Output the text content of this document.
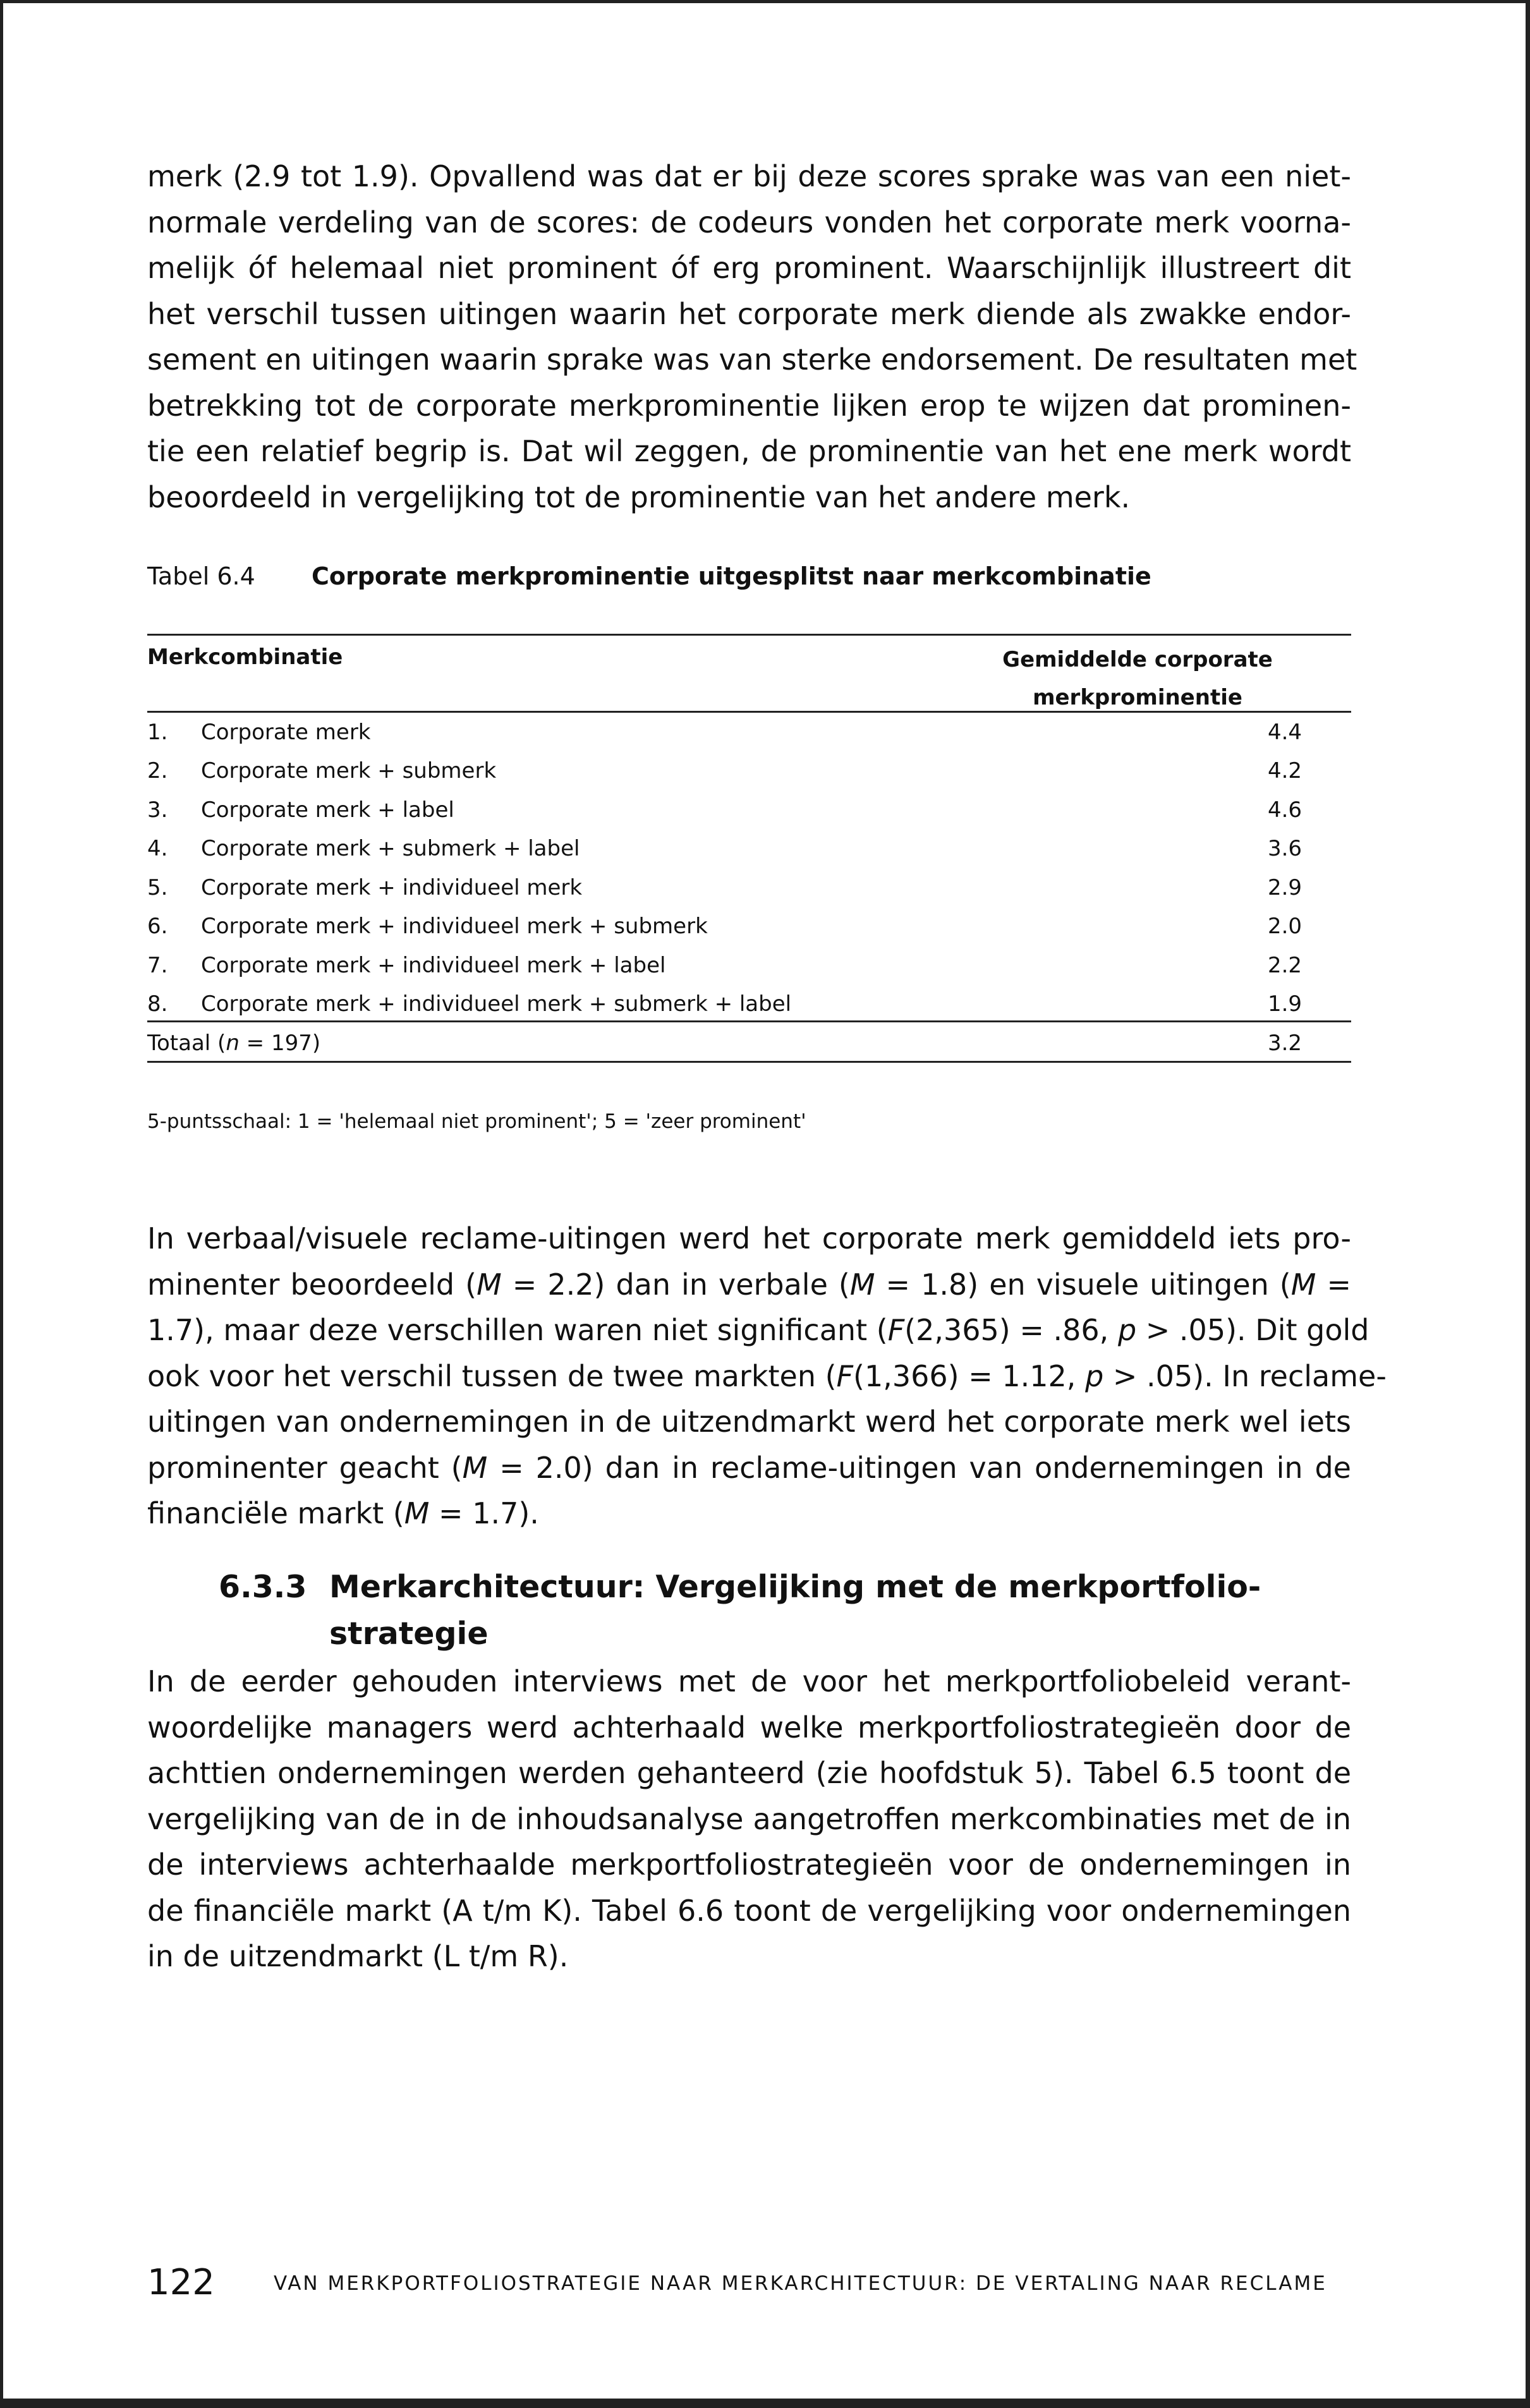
merk (2.9 tot 1.9). Opvallend was dat er bij deze scores sprake was van een niet-
normale verdeling van de scores: de codeurs vonden het corporate merk voorna-
melijk óf helemaal niet prominent óf erg prominent. Waarschijnlijk illustreert dit
het verschil tussen uitingen waarin het corporate merk diende als zwakke endor-
sement en uitingen waarin sprake was van sterke endorsement. De resultaten met
betrekking tot de corporate merkprominentie lijken erop te wijzen dat prominen-
tie een relatief begrip is. Dat wil zeggen, de prominentie van het ene merk wordt
beoordeeld in vergelijking tot de prominentie van het andere merk.
Tabel 6.4 Corporate merkprominentie uitgesplitst naar merkcombinatie
Merkcombinatie	Gemiddelde corporate
merkprominentie
1. Corporate merk	4.4
2. Corporate merk + submerk	4.2
3. Corporate merk + label	4.6
4. Corporate merk + submerk + label	3.6
5. Corporate merk + individueel merk	2.9
6. Corporate merk + individueel merk + submerk	2.0
7. Corporate merk + individueel merk + label	2.2
8. Corporate merk + individueel merk + submerk + label	1.9
Totaal (n = 197)	3.2
5-puntsschaal: 1 = 'helemaal niet prominent'; 5 = 'zeer prominent'
In verbaal/visuele reclame-uitingen werd het corporate merk gemiddeld iets pro-
minenter beoordeeld (M = 2.2) dan in verbale (M = 1.8) en visuele uitingen (M =
1.7), maar deze verschillen waren niet significant (F(2,365) = .86, p > .05). Dit gold
ook voor het verschil tussen de twee markten (F(1,366) = 1.12, p > .05). In reclame-
uitingen van ondernemingen in de uitzendmarkt werd het corporate merk wel iets
prominenter geacht (M = 2.0) dan in reclame-uitingen van ondernemingen in de
financiële markt (M = 1.7).
6.3.3 Merkarchitectuur: Vergelijking met de merkportfolio-
strategie
In de eerder gehouden interviews met de voor het merkportfoliobeleid verant-
woordelijke managers werd achterhaald welke merkportfoliostrategieën door de
achttien ondernemingen werden gehanteerd (zie hoofdstuk 5). Tabel 6.5 toont de
vergelijking van de in de inhoudsanalyse aangetroffen merkcombinaties met de in
de interviews achterhaalde merkportfoliostrategieën voor de ondernemingen in
de financiële markt (A t/m K). Tabel 6.6 toont de vergelijking voor ondernemingen
in de uitzendmarkt (L t/m R).
122	VAN MERKPORTFOLIOSTRATEGIE NAAR MERKARCHITECTUUR: DE VERTALING NAAR RECLAME
